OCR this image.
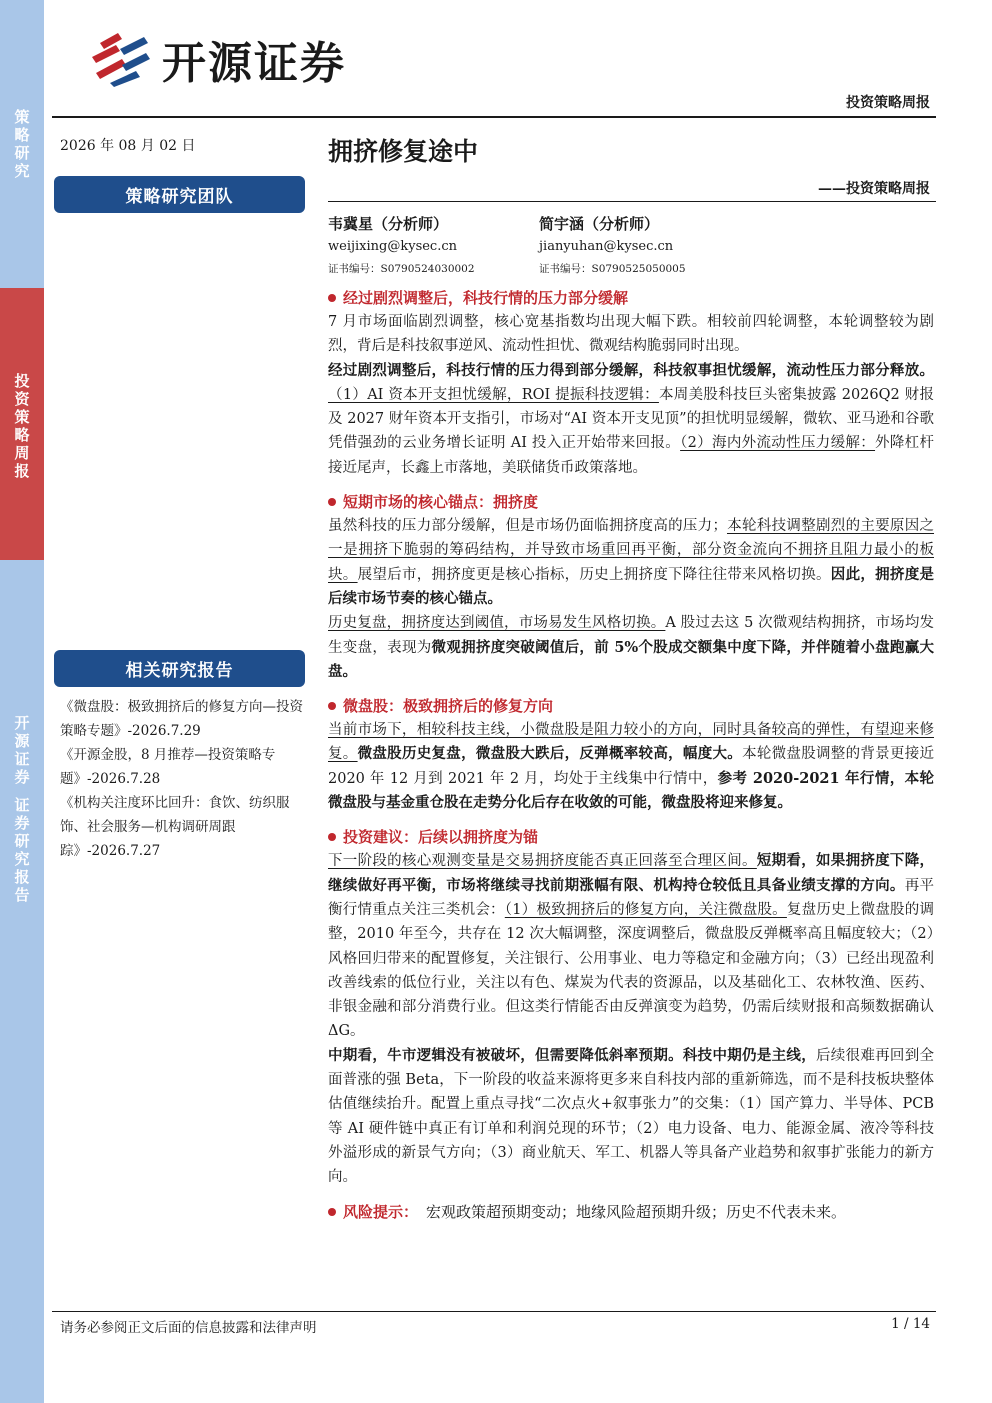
策
略
研
究
投
资
策
略
周
报
开
源
证
券
证
券
研
究
报
告
开源证券
投资策略周报
2026 年 08 月 02 日	拥挤修复途中
——投资策略周报
策略研究团队
韦冀星（分析师）
weijixing@kysec.cn
证书编号：S0790524030002
简宇涵（分析师）
jianyuhan@kysec.cn
证书编号：S0790525050005
相关研究报告

《微盘股：极致拥挤后的修复方向—投资策略专题》-2026.7.29

《开源金股，8 月推荐—投资策略专题》-2026.7.28

《机构关注度环比回升：食饮、纺织服饰、社会服务—机构调研周跟踪》-2026.7.27

经过剧烈调整后，科技行情的压力部分缓解

7 月市场面临剧烈调整，核心宽基指数均出现大幅下跌。相较前四轮调整，本轮调整较为剧烈，背后是科技叙事逆风、流动性担忧、微观结构脆弱同时出现。

经过剧烈调整后，科技行情的压力得到部分缓解，科技叙事担忧缓解，流动性压力部分释放。（1）AI 资本开支担忧缓解，ROI 提振科技逻辑：本周美股科技巨头密集披露 2026Q2 财报及 2027 财年资本开支指引，市场对“AI 资本开支见顶”的担忧明显缓解，微软、亚马逊和谷歌凭借强劲的云业务增长证明 AI 投入正开始带来回报。（2）海内外流动性压力缓解：外降杠杆接近尾声，长鑫上市落地，美联储货币政策落地。

短期市场的核心锚点：拥挤度

虽然科技的压力部分缓解，但是市场仍面临拥挤度高的压力；本轮科技调整剧烈的主要原因之一是拥挤下脆弱的筹码结构，并导致市场重回再平衡，部分资金流向不拥挤且阻力最小的板块。展望后市，拥挤度更是核心指标，历史上拥挤度下降往往带来风格切换。因此，拥挤度是后续市场节奏的核心锚点。

历史复盘，拥挤度达到阈值，市场易发生风格切换。A 股过去这 5 次微观结构拥挤，市场均发生变盘，表现为微观拥挤度突破阈值后，前 5%个股成交额集中度下降，并伴随着小盘跑赢大盘。

微盘股：极致拥挤后的修复方向

当前市场下，相较科技主线，小微盘股是阻力较小的方向，同时具备较高的弹性，有望迎来修复。微盘股历史复盘，微盘股大跌后，反弹概率较高，幅度大。本轮微盘股调整的背景更接近 2020 年 12 月到 2021 年 2 月，均处于主线集中行情中，参考 2020-2021 年行情，本轮微盘股与基金重仓股在走势分化后存在收敛的可能，微盘股将迎来修复。

投资建议：后续以拥挤度为锚

下一阶段的核心观测变量是交易拥挤度能否真正回落至合理区间。短期看，如果拥挤度下降，继续做好再平衡，市场将继续寻找前期涨幅有限、机构持仓较低且具备业绩支撑的方向。再平衡行情重点关注三类机会：（1）极致拥挤后的修复方向，关注微盘股。复盘历史上微盘股的调整，2010 年至今，共存在 12 次大幅调整，深度调整后，微盘股反弹概率高且幅度较大；（2）风格回归带来的配置修复，关注银行、公用事业、电力等稳定和金融方向；（3）已经出现盈利改善线索的低位行业，关注以有色、煤炭为代表的资源品，以及基础化工、农林牧渔、医药、非银金融和部分消费行业。但这类行情能否由反弹演变为趋势，仍需后续财报和高频数据确认 ΔG。

中期看，牛市逻辑没有被破坏，但需要降低斜率预期。科技中期仍是主线，后续很难再回到全面普涨的强 Beta，下一阶段的收益来源将更多来自科技内部的重新筛选，而不是科技板块整体估值继续抬升。配置上重点寻找“二次点火+叙事张力”的交集：（1）国产算力、半导体、PCB 等 AI 硬件链中真正有订单和利润兑现的环节；（2）电力设备、电力、能源金属、液冷等科技外溢形成的新景气方向；（3）商业航天、军工、机器人等具备产业趋势和叙事扩张能力的新方向。

风险提示： 宏观政策超预期变动；地缘风险超预期升级；历史不代表未来。
请务必参阅正文后面的信息披露和法律声明	1 / 14
